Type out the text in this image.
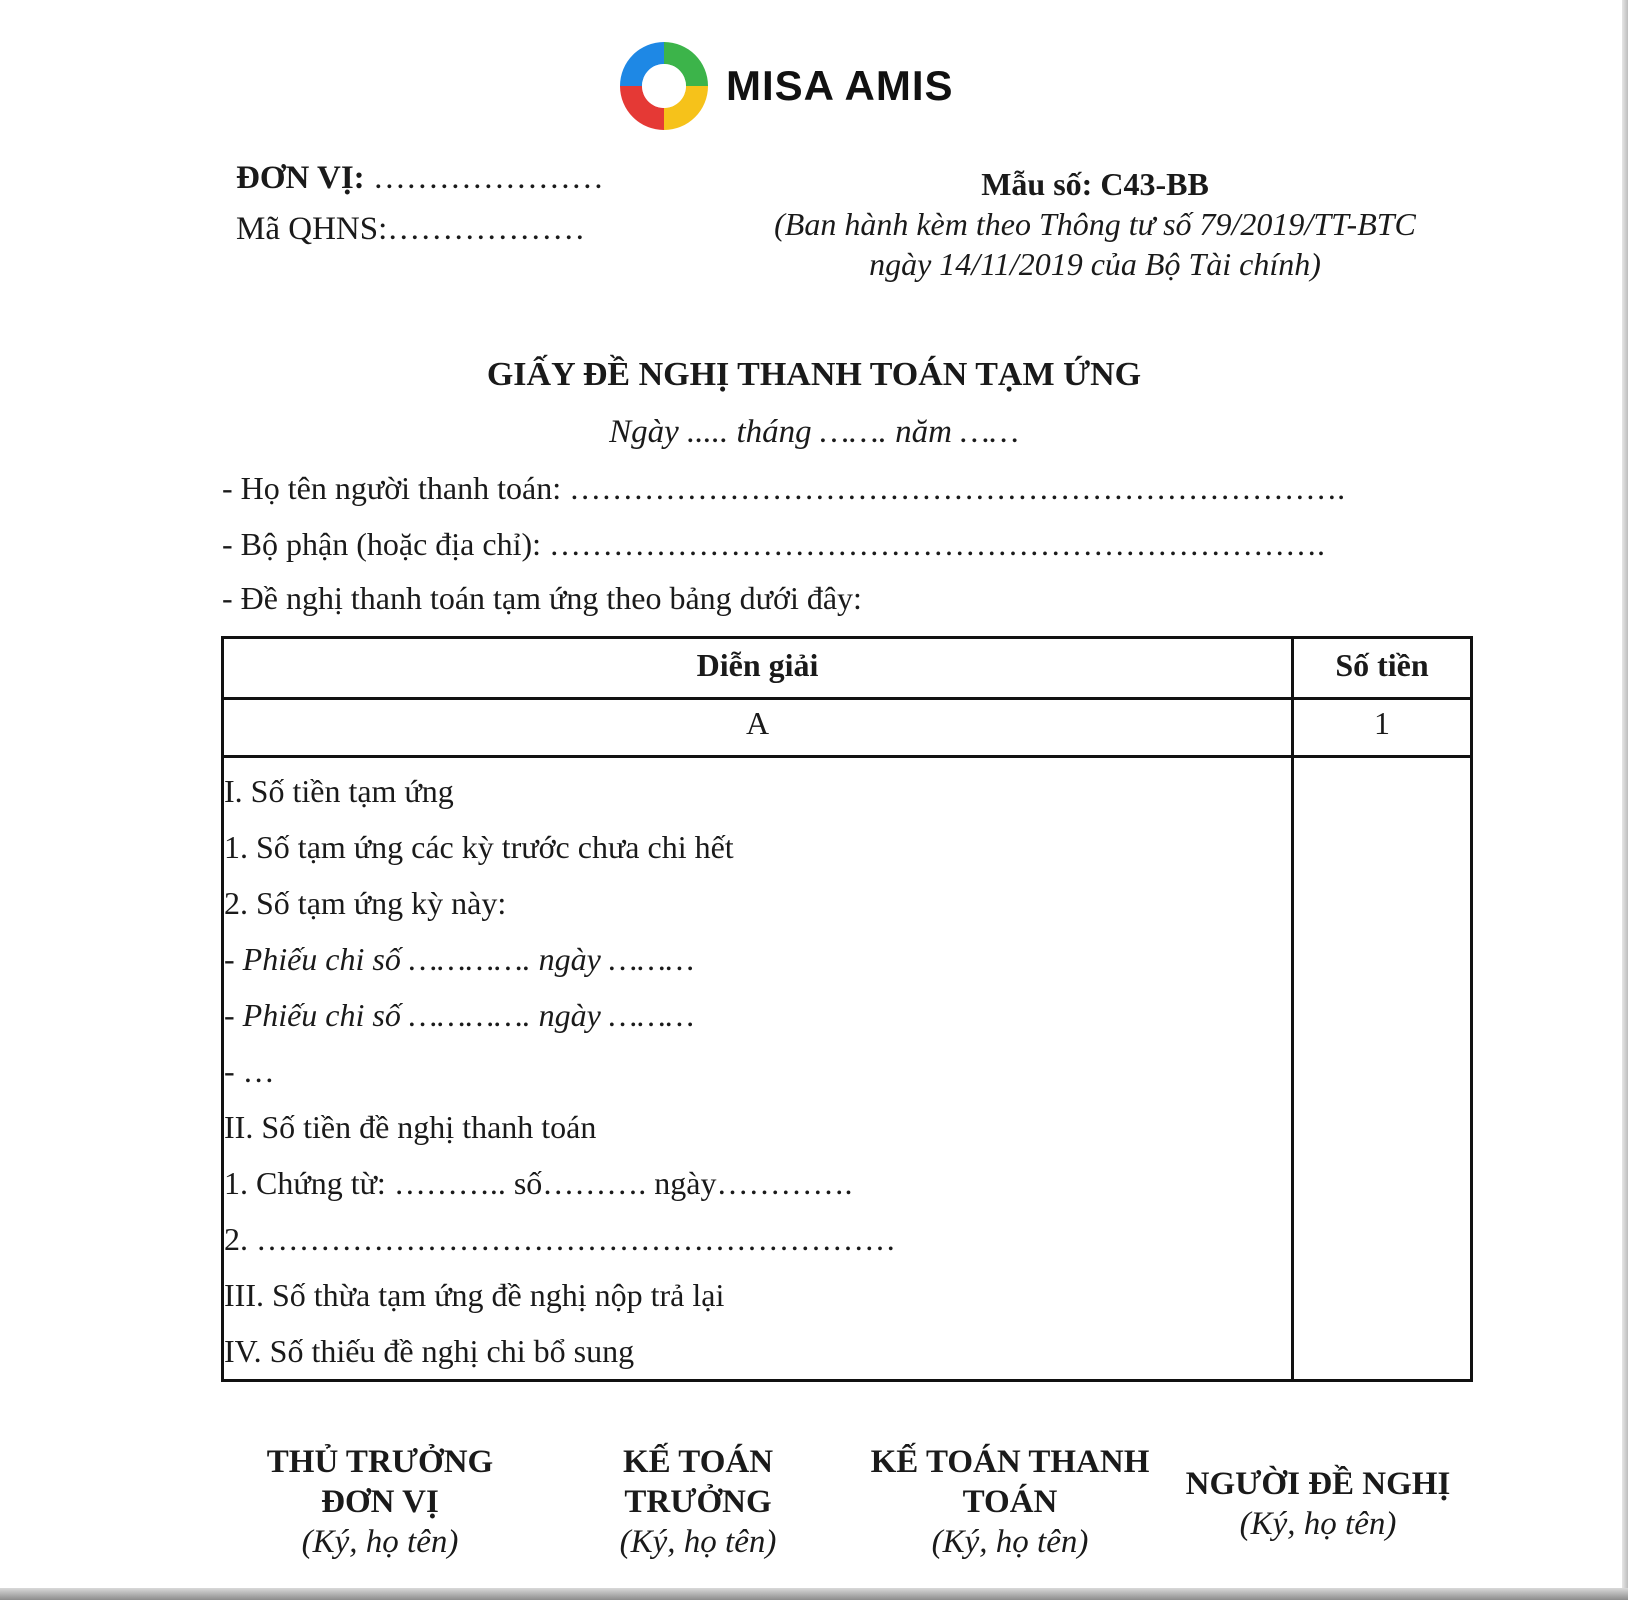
MISA AMIS
ĐƠN VỊ: …………………
Mã QHNS:………………
Mẫu số: C43-BB
(Ban hành kèm theo Thông tư số 79/2019/TT-BTC
ngày 14/11/2019 của Bộ Tài chính)
GIẤY ĐỀ NGHỊ THANH TOÁN TẠM ỨNG
Ngày ..... tháng ……. năm ……
- Họ tên người thanh toán: ……………………………………………………………….
- Bộ phận (hoặc địa chỉ): ……………………………………………………………….
- Đề nghị thanh toán tạm ứng theo bảng dưới đây:
Diễn giải	Số tiền
A	1
I. Số tiền tạm ứng
1. Số tạm ứng các kỳ trước chưa chi hết
2. Số tạm ứng kỳ này:
- Phiếu chi số …………. ngày ………
- Phiếu chi số …………. ngày ………
- …
II. Số tiền đề nghị thanh toán
1. Chứng từ: ……….. số………. ngày………….
2. ……………………………………………………
III. Số thừa tạm ứng đề nghị nộp trả lại
IV. Số thiếu đề nghị chi bổ sung
THỦ TRƯỞNG
ĐƠN VỊ
(Ký, họ tên)
KẾ TOÁN
TRƯỞNG
(Ký, họ tên)
KẾ TOÁN THANH
TOÁN
(Ký, họ tên)
NGƯỜI ĐỀ NGHỊ
(Ký, họ tên)
